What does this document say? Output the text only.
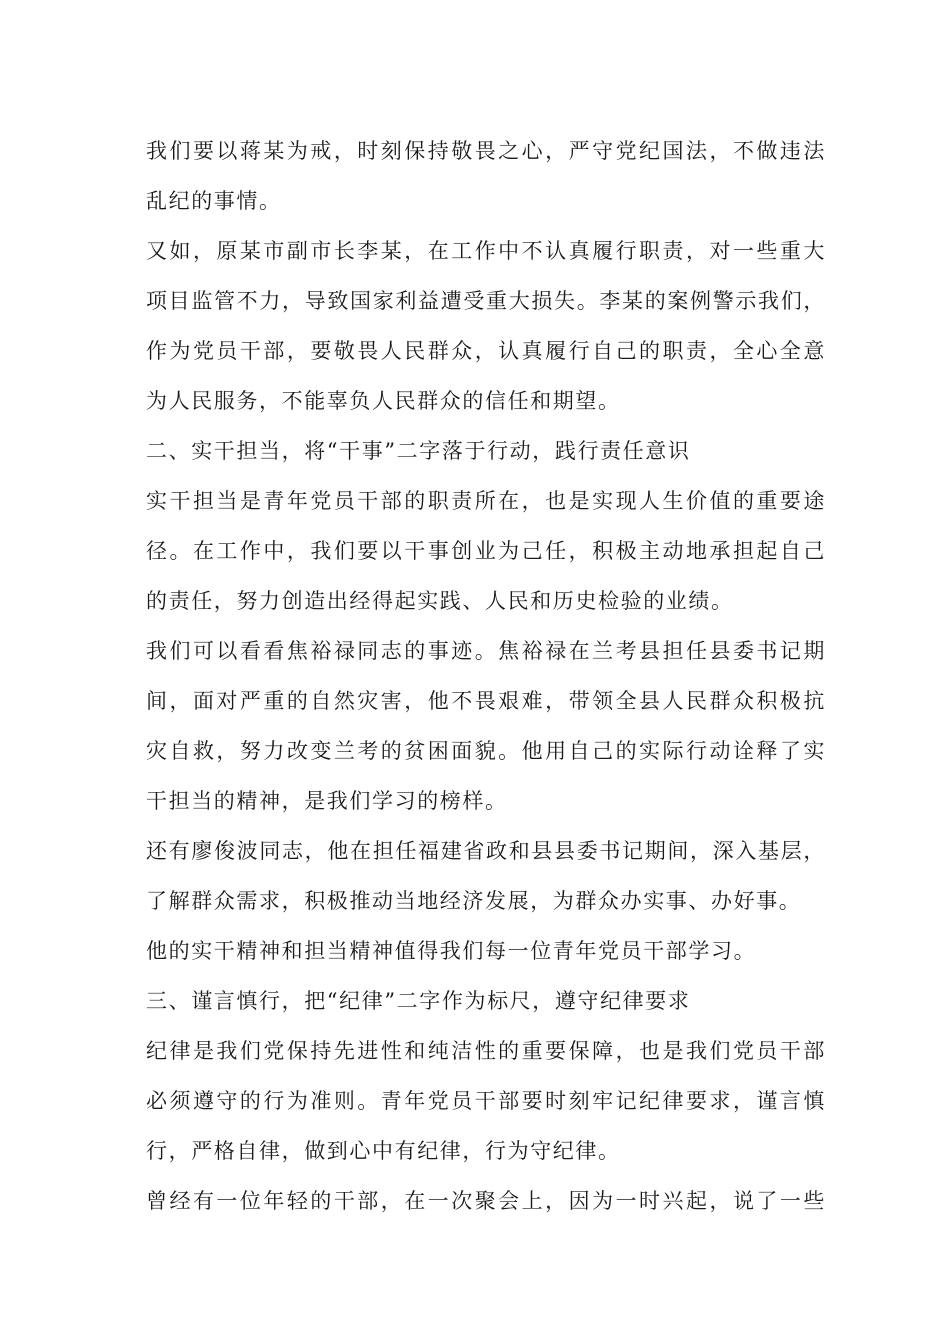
我们要以蒋某为戒，时刻保持敬畏之心，严守党纪国法，不做违法
乱纪的事情。
又如，原某市副市长李某，在工作中不认真履行职责，对一些重大
项目监管不力，导致国家利益遭受重大损失。李某的案例警示我们，
作为党员干部，要敬畏人民群众，认真履行自己的职责，全心全意
为人民服务，不能辜负人民群众的信任和期望。
二、实干担当，将“干事”二字落于行动，践行责任意识
实干担当是青年党员干部的职责所在，也是实现人生价值的重要途
径。在工作中，我们要以干事创业为己任，积极主动地承担起自己
的责任，努力创造出经得起实践、人民和历史检验的业绩。
我们可以看看焦裕禄同志的事迹。焦裕禄在兰考县担任县委书记期
间，面对严重的自然灾害，他不畏艰难，带领全县人民群众积极抗
灾自救，努力改变兰考的贫困面貌。他用自己的实际行动诠释了实
干担当的精神，是我们学习的榜样。
还有廖俊波同志，他在担任福建省政和县县委书记期间，深入基层，
了解群众需求，积极推动当地经济发展，为群众办实事、办好事。
他的实干精神和担当精神值得我们每一位青年党员干部学习。
三、谨言慎行，把“纪律”二字作为标尺，遵守纪律要求
纪律是我们党保持先进性和纯洁性的重要保障，也是我们党员干部
必须遵守的行为准则。青年党员干部要时刻牢记纪律要求，谨言慎
行，严格自律，做到心中有纪律，行为守纪律。
曾经有一位年轻的干部，在一次聚会上，因为一时兴起，说了一些
